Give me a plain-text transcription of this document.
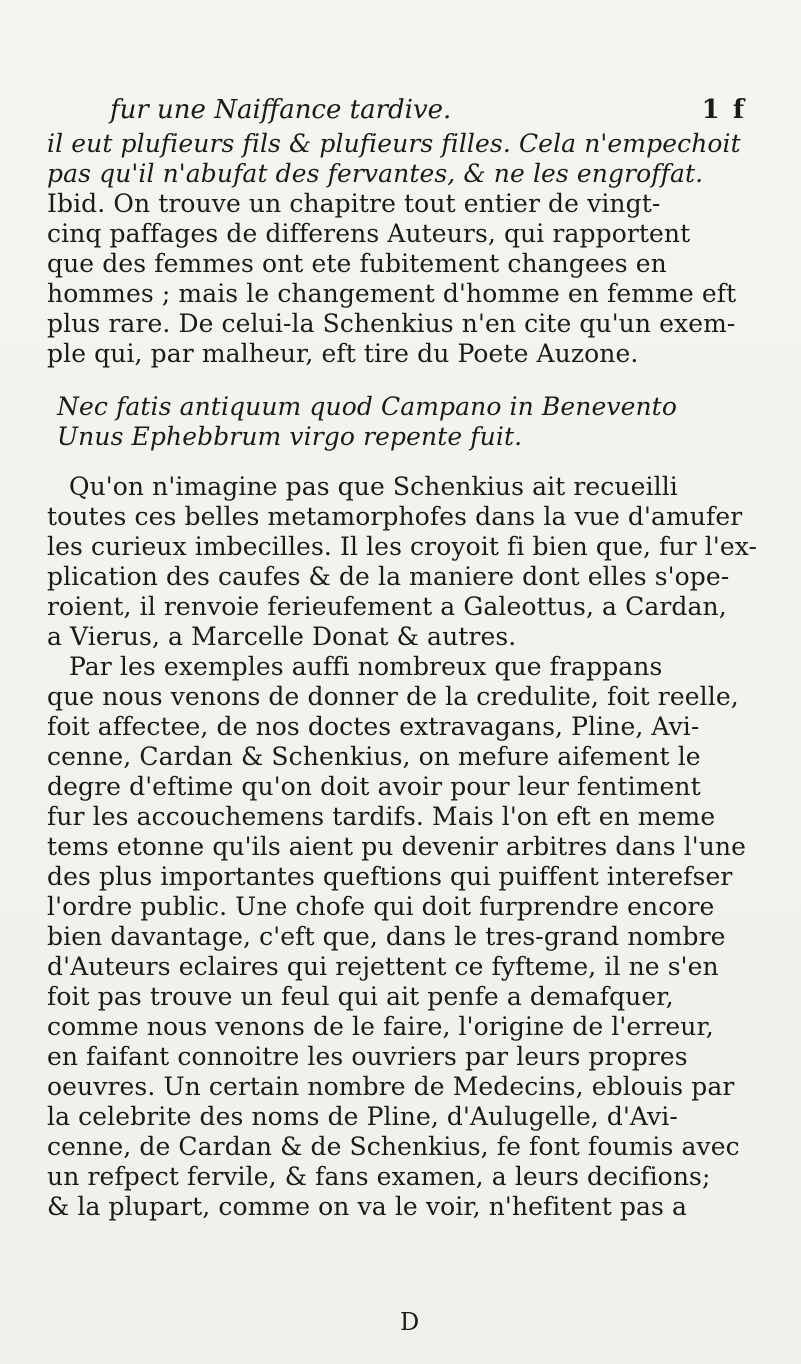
fur une Naiffance tardive.	1 f
il eut plufieurs fils & plufieurs filles. Cela n'empechoit
pas qu'il n'abufat des fervantes, & ne les engroffat.
Ibid. On trouve un chapitre tout entier de vingt-
cinq paffages de differens Auteurs, qui rapportent
que des femmes ont ete fubitement changees en
hommes ; mais le changement d'homme en femme eft
plus rare. De celui-la Schenkius n'en cite qu'un exem-
ple qui, par malheur, eft tire du Poete Auzone.
Nec fatis antiquum quod Campano in Benevento
Unus Ephebbrum virgo repente fuit.
Qu'on n'imagine pas que Schenkius ait recueilli
toutes ces belles metamorphofes dans la vue d'amufer
les curieux imbecilles. Il les croyoit fi bien que, fur l'ex-
plication des caufes & de la maniere dont elles s'ope-
roient, il renvoie ferieufement a Galeottus, a Cardan,
a Vierus, a Marcelle Donat & autres.
Par les exemples auffi nombreux que frappans
que nous venons de donner de la credulite, foit reelle,
foit affectee, de nos doctes extravagans, Pline, Avi-
cenne, Cardan & Schenkius, on mefure aifement le
degre d'eftime qu'on doit avoir pour leur fentiment
fur les accouchemens tardifs. Mais l'on eft en meme
tems etonne qu'ils aient pu devenir arbitres dans l'une
des plus importantes queftions qui puiffent interefser
l'ordre public. Une chofe qui doit furprendre encore
bien davantage, c'eft que, dans le tres-grand nombre
d'Auteurs eclaires qui rejettent ce fyfteme, il ne s'en
foit pas trouve un feul qui ait penfe a demafquer,
comme nous venons de le faire, l'origine de l'erreur,
en faifant connoitre les ouvriers par leurs propres
oeuvres. Un certain nombre de Medecins, eblouis par
la celebrite des noms de Pline, d'Aulugelle, d'Avi-
cenne, de Cardan & de Schenkius, fe font foumis avec
un refpect fervile, & fans examen, a leurs decifions;
& la plupart, comme on va le voir, n'hefitent pas a
D
